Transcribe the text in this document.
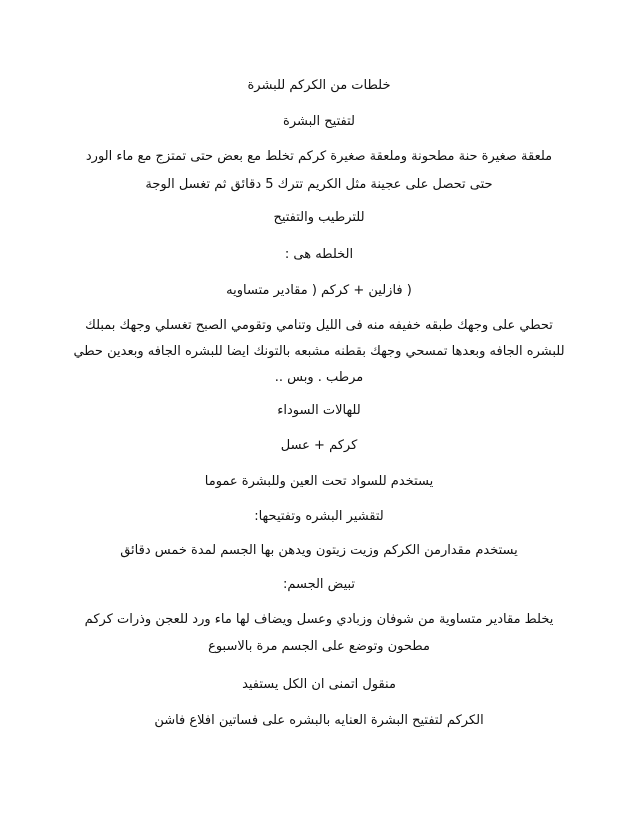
خلطات من الكركم للبشرة
لتفتيح البشرة
ملعقة صغيرة حنة مطحونة وملعقة صغيرة كركم تخلط مع بعض حتى تمتزج مع ماء الورد
حتى تحصل على عجينة مثل الكريم تترك 5 دقائق ثم تغسل الوجة
للترطيب والتفتيح
الخلطه هى :
( فازلين + كركم ( مقادير متساويه
تحطي على وجهك طبقه خفيفه منه فى الليل وتنامي وتقومي الصبح تغسلي وجهك بمبلك
للبشره الجافه وبعدها تمسحي وجهك بقطنه مشبعه بالتونك ايضا للبشره الجافه وبعدين حطي
مرطب . وبس ..
للهالات السوداء
كركم + عسل
يستخدم للسواد تحت العين وللبشرة عموما
لتقشير البشره وتفتيحها:
يستخدم مقدارمن الكركم وزيت زيتون ويدهن بها الجسم لمدة خمس دقائق
تبيض الجسم:
يخلط مقادير متساوية من شوفان وزبادي وعسل ويضاف لها ماء ورد للعجن وذرات كركم
مطحون وتوضع على الجسم مرة بالاسبوع
منقول اتمنى ان الكل يستفيد
الكركم لتفتيح البشرة العنايه بالبشره على فساتين افلاع فاشن
